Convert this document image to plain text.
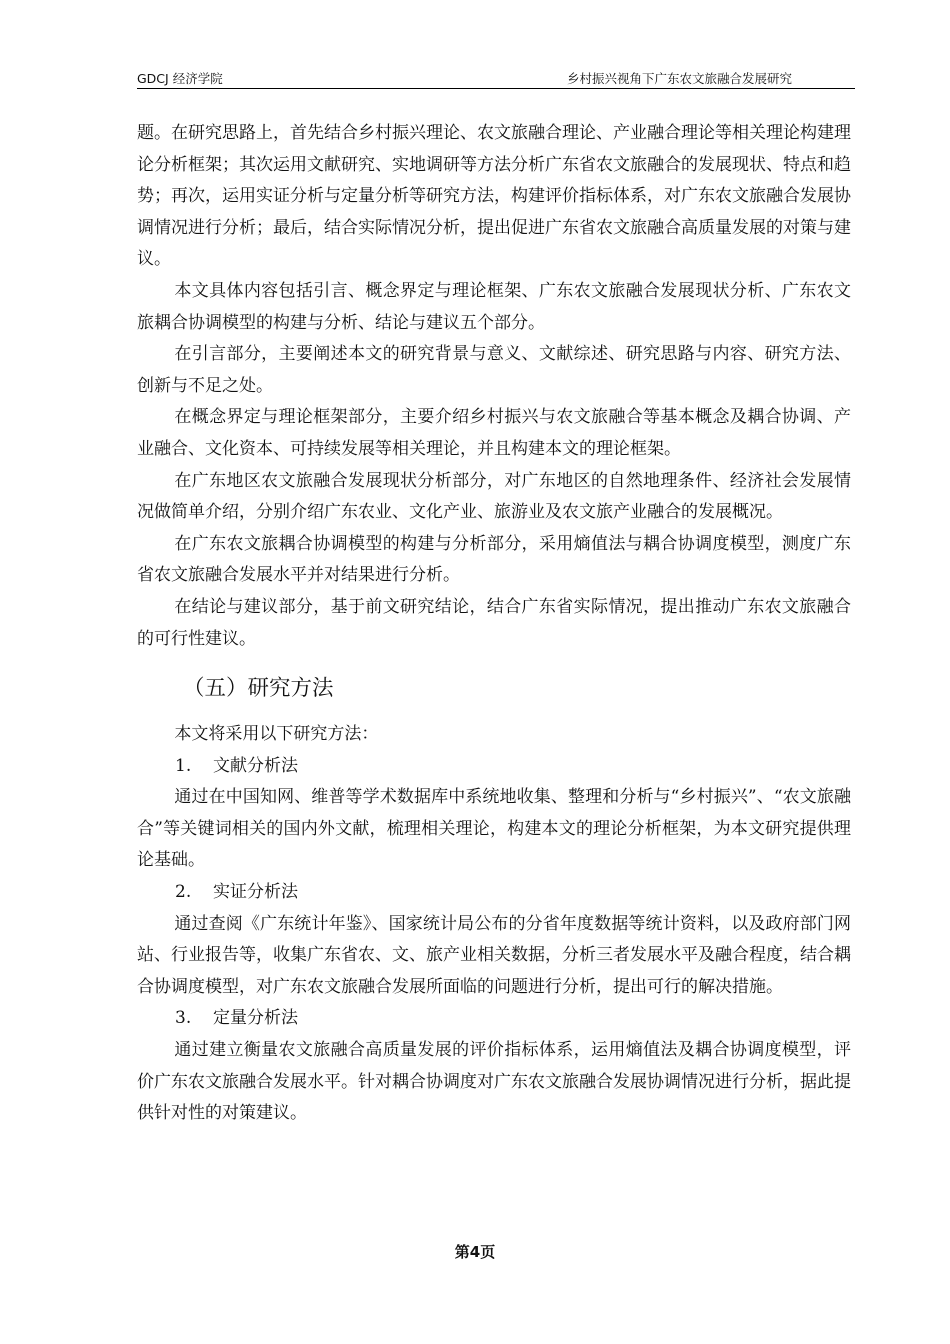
GDCJ 经济学院	乡村振兴视角下广东农文旅融合发展研究

题。在研究思路上，首先结合乡村振兴理论、农文旅融合理论、产业融合理论等相关理论构建理论分析框架；其次运用文献研究、实地调研等方法分析广东省农文旅融合的发展现状、特点和趋势；再次，运用实证分析与定量分析等研究方法，构建评价指标体系，对广东农文旅融合发展协调情况进行分析；最后，结合实际情况分析，提出促进广东省农文旅融合高质量发展的对策与建议。

本文具体内容包括引言、概念界定与理论框架、广东农文旅融合发展现状分析、广东农文旅耦合协调模型的构建与分析、结论与建议五个部分。

在引言部分，主要阐述本文的研究背景与意义、文献综述、研究思路与内容、研究方法、创新与不足之处。

在概念界定与理论框架部分，主要介绍乡村振兴与农文旅融合等基本概念及耦合协调、产业融合、文化资本、可持续发展等相关理论，并且构建本文的理论框架。

在广东地区农文旅融合发展现状分析部分，对广东地区的自然地理条件、经济社会发展情况做简单介绍，分别介绍广东农业、文化产业、旅游业及农文旅产业融合的发展概况。

在广东农文旅耦合协调模型的构建与分析部分，采用熵值法与耦合协调度模型，测度广东省农文旅融合发展水平并对结果进行分析。

在结论与建议部分，基于前文研究结论，结合广东省实际情况，提出推动广东农文旅融合的可行性建议。

（五）研究方法

本文将采用以下研究方法：

1. 文献分析法

通过在中国知网、维普等学术数据库中系统地收集、整理和分析与“乡村振兴”、“农文旅融合”等关键词相关的国内外文献，梳理相关理论，构建本文的理论分析框架，为本文研究提供理论基础。

2. 实证分析法

通过查阅《广东统计年鉴》、国家统计局公布的分省年度数据等统计资料，以及政府部门网站、行业报告等，收集广东省农、文、旅产业相关数据，分析三者发展水平及融合程度，结合耦合协调度模型，对广东农文旅融合发展所面临的问题进行分析，提出可行的解决措施。

3. 定量分析法

通过建立衡量农文旅融合高质量发展的评价指标体系，运用熵值法及耦合协调度模型，评价广东农文旅融合发展水平。针对耦合协调度对广东农文旅融合发展协调情况进行分析，据此提供针对性的对策建议。

第4页
